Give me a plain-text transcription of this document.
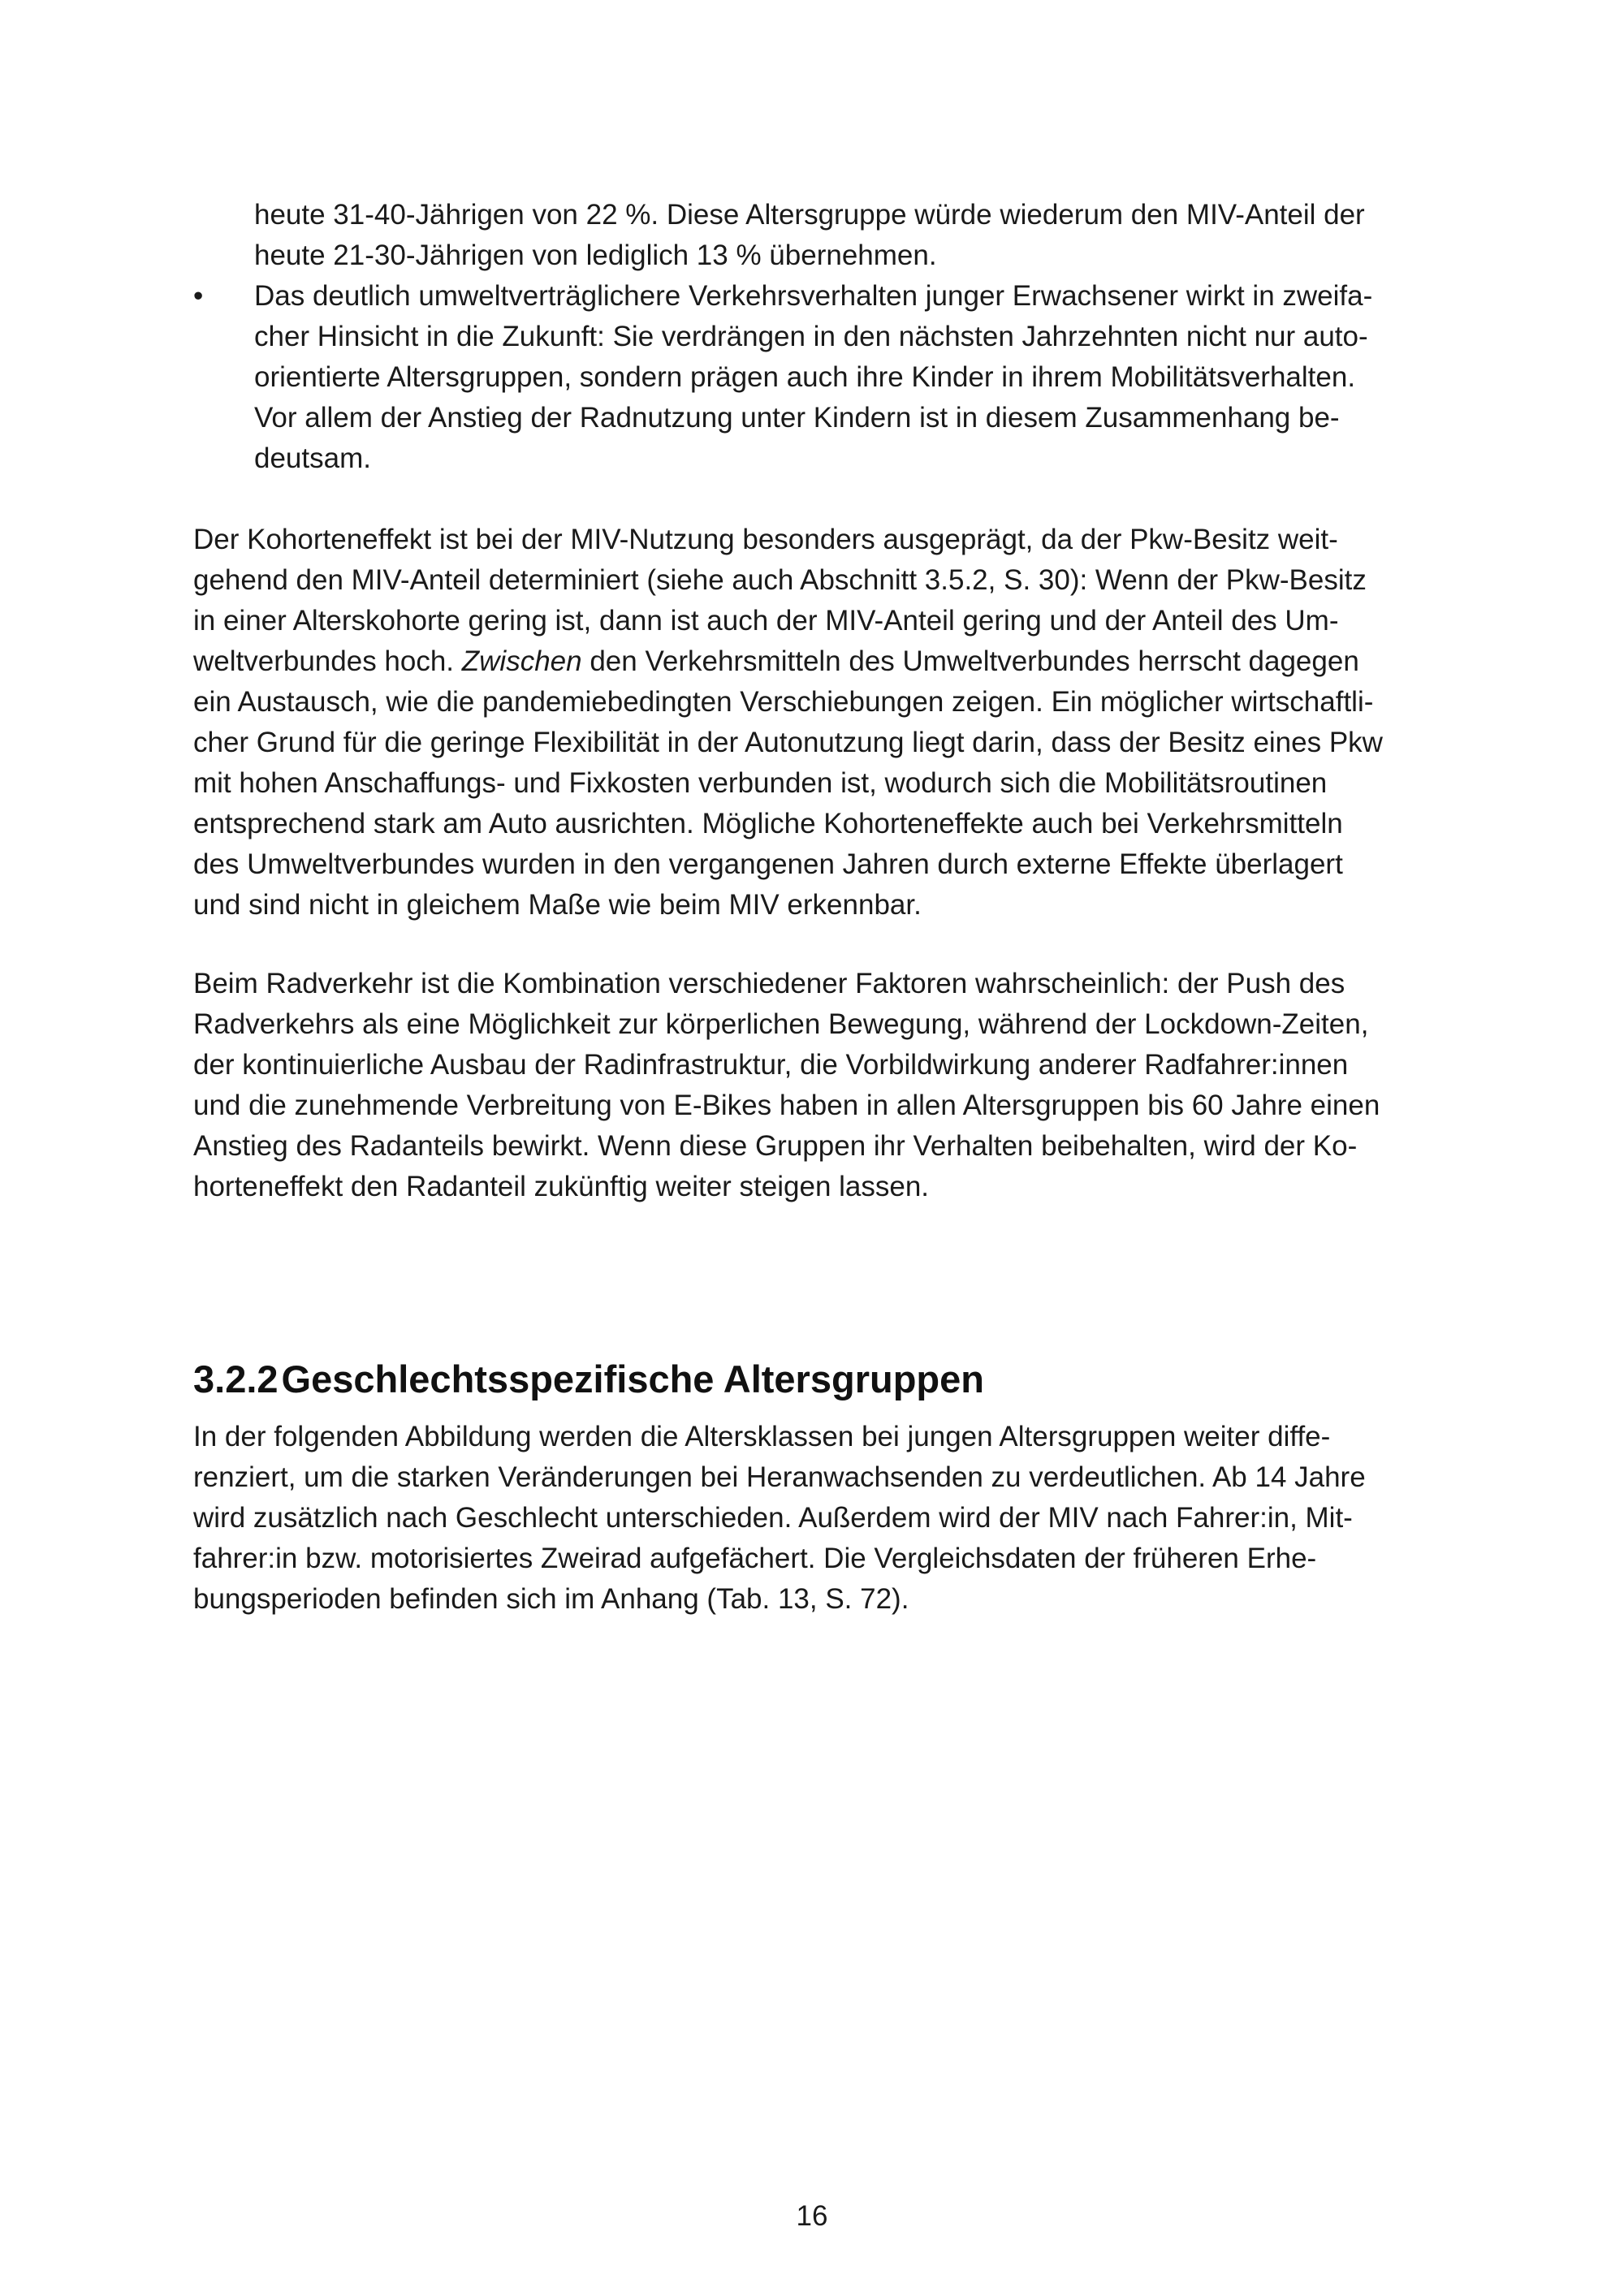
heute 31-40-Jährigen von 22 %. Diese Altersgruppe würde wiederum den MIV-Anteil der
heute 21-30-Jährigen von lediglich 13 % übernehmen.
•	Das deutlich umweltverträglichere Verkehrsverhalten junger Erwachsener wirkt in zweifa-
cher Hinsicht in die Zukunft: Sie verdrängen in den nächsten Jahrzehnten nicht nur auto-
orientierte Altersgruppen, sondern prägen auch ihre Kinder in ihrem Mobilitätsverhalten.
Vor allem der Anstieg der Radnutzung unter Kindern ist in diesem Zusammenhang be-
deutsam.
Der Kohorteneffekt ist bei der MIV-Nutzung besonders ausgeprägt, da der Pkw-Besitz weit-
gehend den MIV-Anteil determiniert (siehe auch Abschnitt 3.5.2, S. 30): Wenn der Pkw-Besitz
in einer Alterskohorte gering ist, dann ist auch der MIV-Anteil gering und der Anteil des Um-
weltverbundes hoch. Zwischen den Verkehrsmitteln des Umweltverbundes herrscht dagegen
ein Austausch, wie die pandemiebedingten Verschiebungen zeigen. Ein möglicher wirtschaftli-
cher Grund für die geringe Flexibilität in der Autonutzung liegt darin, dass der Besitz eines Pkw
mit hohen Anschaffungs- und Fixkosten verbunden ist, wodurch sich die Mobilitätsroutinen
entsprechend stark am Auto ausrichten. Mögliche Kohorteneffekte auch bei Verkehrsmitteln
des Umweltverbundes wurden in den vergangenen Jahren durch externe Effekte überlagert
und sind nicht in gleichem Maße wie beim MIV erkennbar.
Beim Radverkehr ist die Kombination verschiedener Faktoren wahrscheinlich: der Push des
Radverkehrs als eine Möglichkeit zur körperlichen Bewegung, während der Lockdown-Zeiten,
der kontinuierliche Ausbau der Radinfrastruktur, die Vorbildwirkung anderer Radfahrer:innen
und die zunehmende Verbreitung von E-Bikes haben in allen Altersgruppen bis 60 Jahre einen
Anstieg des Radanteils bewirkt. Wenn diese Gruppen ihr Verhalten beibehalten, wird der Ko-
horteneffekt den Radanteil zukünftig weiter steigen lassen.
3.2.2Geschlechtsspezifische Altersgruppen
In der folgenden Abbildung werden die Altersklassen bei jungen Altersgruppen weiter diffe-
renziert, um die starken Veränderungen bei Heranwachsenden zu verdeutlichen. Ab 14 Jahre
wird zusätzlich nach Geschlecht unterschieden. Außerdem wird der MIV nach Fahrer:in, Mit-
fahrer:in bzw. motorisiertes Zweirad aufgefächert. Die Vergleichsdaten der früheren Erhe-
bungsperioden befinden sich im Anhang (Tab. 13, S. 72).
16
